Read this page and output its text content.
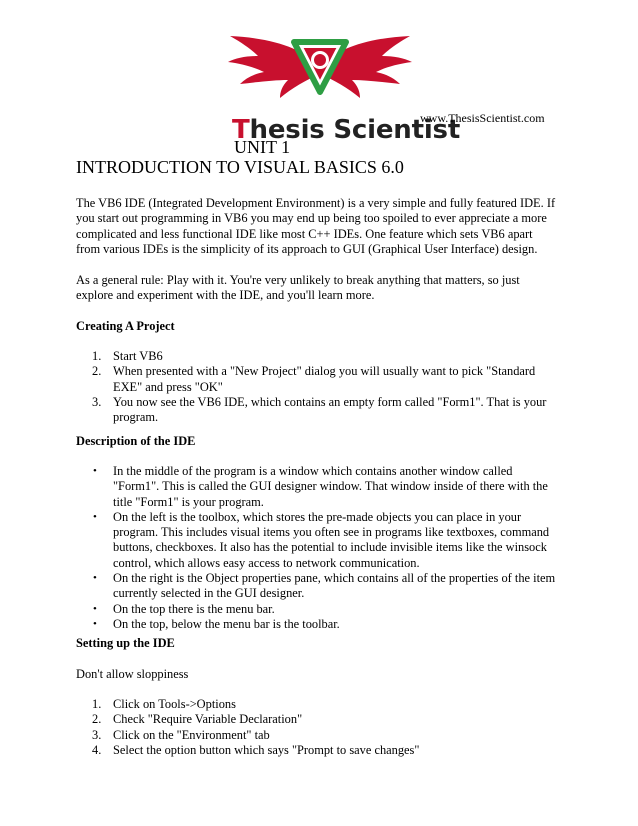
Thesis Scientist
www.ThesisScientist.com
UNIT 1
INTRODUCTION TO VISUAL BASICS 6.0
The VB6 IDE (Integrated Development Environment) is a very simple and fully featured IDE. If
you start out programming in VB6 you may end up being too spoiled to ever appreciate a more
complicated and less functional IDE like most C++ IDEs. One feature which sets VB6 apart
from various IDEs is the simplicity of its approach to GUI (Graphical User Interface) design.
As a general rule: Play with it. You're very unlikely to break anything that matters, so just
explore and experiment with the IDE, and you'll learn more.
Creating A Project
1. Start VB6
2. When presented with a "New Project" dialog you will usually want to pick "Standard
EXE" and press "OK"
3. You now see the VB6 IDE, which contains an empty form called "Form1". That is your
program.
Description of the IDE
• In the middle of the program is a window which contains another window called
"Form1". This is called the GUI designer window. That window inside of there with the
title "Form1" is your program.
• On the left is the toolbox, which stores the pre-made objects you can place in your
program. This includes visual items you often see in programs like textboxes, command
buttons, checkboxes. It also has the potential to include invisible items like the winsock
control, which allows easy access to network communication.
• On the right is the Object properties pane, which contains all of the properties of the item
currently selected in the GUI designer.
• On the top there is the menu bar.
• On the top, below the menu bar is the toolbar.
Setting up the IDE
Don't allow sloppiness
1. Click on Tools->Options
2. Check "Require Variable Declaration"
3. Click on the "Environment" tab
4. Select the option button which says "Prompt to save changes"
